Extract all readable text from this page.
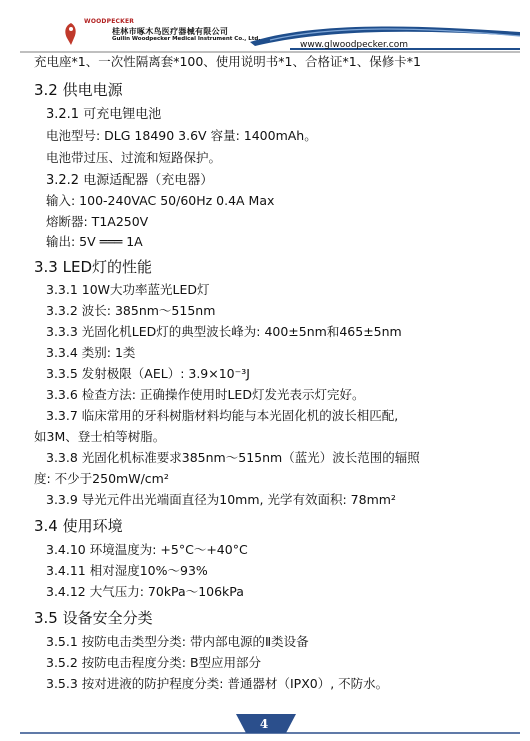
WOODPECKER
桂林市啄木鸟医疗器械有限公司
Guilin Woodpecker Medical Instrument Co., Ltd.
www.glwoodpecker.com
充电座*1、一次性隔离套*100、使用说明书*1、合格证*1、保修卡*1
3.2 供电电源
3.2.1 可充电锂电池
电池型号: DLG 18490 3.6V 容量: 1400mAh。
电池带过压、过流和短路保护。
3.2.2 电源适配器（充电器）
输入: 100-240VAC 50/60Hz 0.4A Max
熔断器: T1A250V
输出: 5V ═══ 1A
3.3 LED灯的性能
3.3.1 10W大功率蓝光LED灯
3.3.2 波长: 385nm～515nm
3.3.3 光固化机LED灯的典型波长峰为: 400±5nm和465±5nm
3.3.4 类别: 1类
3.3.5 发射极限（AEL）: 3.9×10⁻³J
3.3.6 检查方法: 正确操作使用时LED灯发光表示灯完好。
3.3.7 临床常用的牙科树脂材料均能与本光固化机的波长相匹配,
如3M、登士柏等树脂。
3.3.8 光固化机标准要求385nm～515nm（蓝光）波长范围的辐照
度: 不少于250mW/cm²
3.3.9 导光元件出光端面直径为10mm, 光学有效面积: 78mm²
3.4 使用环境
3.4.10 环境温度为: +5°C～+40°C
3.4.11 相对湿度10%～93%
3.4.12 大气压力: 70kPa～106kPa
3.5 设备安全分类
3.5.1 按防电击类型分类: 带内部电源的Ⅱ类设备
3.5.2 按防电击程度分类: B型应用部分
3.5.3 按对进液的防护程度分类: 普通器材（IPX0）, 不防水。
4
